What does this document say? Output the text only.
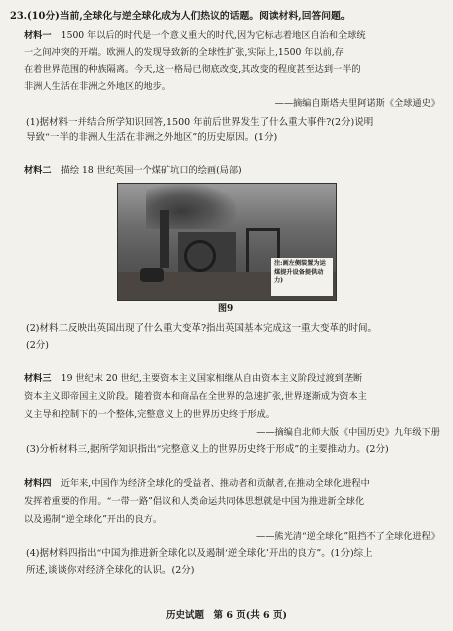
23.(10分)当前,全球化与逆全球化成为人们热议的话题。阅读材料,回答问题。
材料一　1500 年以后的时代是一个意义重大的时代,因为它标志着地区自治和全球统
一之间冲突的开端。欧洲人的发现导致新的全球性扩张,实际上,1500 年以前,存
在着世界范围的种族隔离。今天,这一格局已彻底改变,其改变的程度甚至达到一半的
非洲人生活在非洲之外地区的地步。
——摘编自斯塔夫里阿诺斯《全球通史》
(1)据材料一并结合所学知识回答,1500 年前后世界发生了什么重大事件?(2分)说明
导致“一半的非洲人生活在非洲之外地区”的历史原因。(1分)
材料二　 描绘 18 世纪英国一个煤矿坑口的绘画(局部)
注:画左侧装置为运煤提升设备提供动力)
图9
(2)材料二反映出英国出现了什么重大变革?指出英国基本完成这一重大变革的时间。
(2分)
材料三　19 世纪末 20 世纪,主要资本主义国家相继从自由资本主义阶段过渡到垄断
资本主义即帝国主义阶段。随着资本和商品在全世界的急速扩张,世界逐渐成为资本主
义主导和控制下的一个整体,完整意义上的世界历史终于形成。
——摘编自北师大版《中国历史》九年级下册
(3)分析材料三,据所学知识指出“完整意义上的世界历史终于形成”的主要推动力。(2分)
材料四　近年来,中国作为经济全球化的受益者、推动者和贡献者,在推动全球化进程中
发挥着重要的作用。“一带一路”倡议和人类命运共同体思想就是中国为推进新全球化
以及遏制“逆全球化”开出的良方。
——熊光清“逆全球化”阻挡不了全球化进程》
(4)据材料四指出“中国为推进新全球化以及遏制‘逆全球化’开出的良方”。(1分)综上
所述,谈谈你对经济全球化的认识。(2分)
历史试题　第 6 页(共 6 页)
